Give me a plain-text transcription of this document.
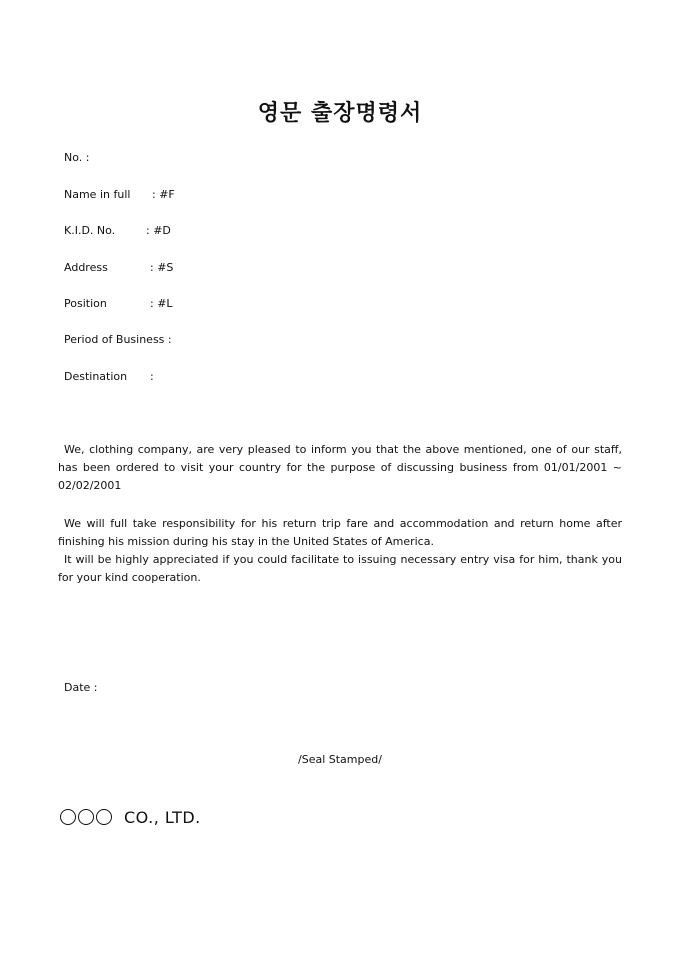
영문 출장명령서
No. :
Name in full : #F
K.I.D. No.	: #D
Address	: #S
Position	: #L
Period of Business :
Destination :

We, clothing company, are very pleased to inform you that the above mentioned, one of our staff, has been ordered to visit your country for the purpose of discussing business from 01/01/2001 ~ 02/02/2001

We will full take responsibility for his return trip fare and accommodation and return home after finishing his mission during his stay in the United States of America.

It will be highly appreciated if you could facilitate to issuing necessary entry visa for him, thank you for your kind cooperation.

Date :
/Seal Stamped/
CO., LTD.
